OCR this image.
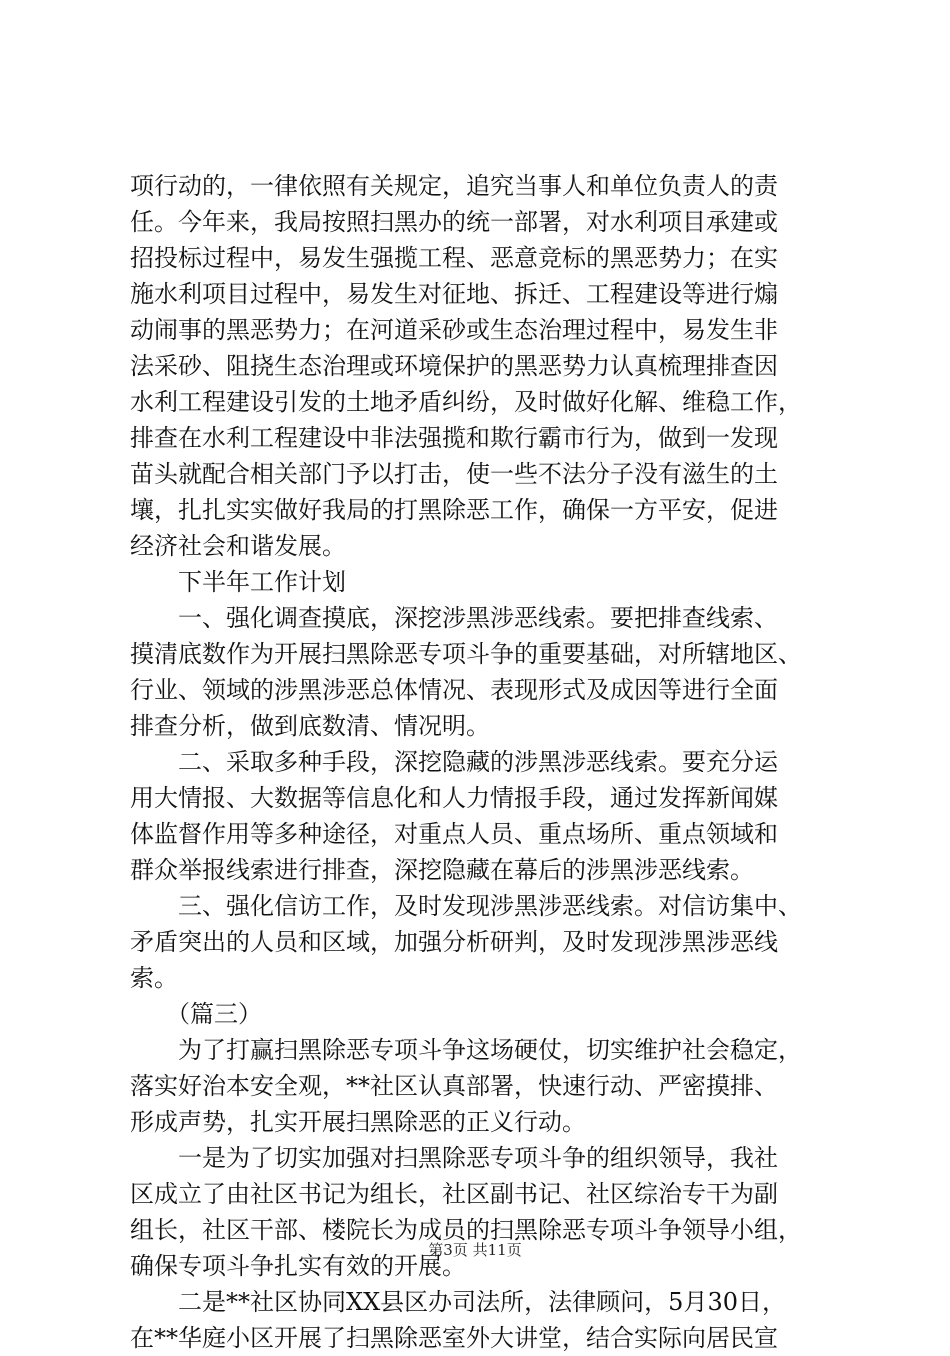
项行动的，一律依照有关规定，追究当事人和单位负责人的责
任。今年来，我局按照扫黑办的统一部署，对水利项目承建或
招投标过程中，易发生强揽工程、恶意竞标的黑恶势力；在实
施水利项目过程中，易发生对征地、拆迁、工程建设等进行煽
动闹事的黑恶势力；在河道采砂或生态治理过程中，易发生非
法采砂、阻挠生态治理或环境保护的黑恶势力认真梳理排查因
水利工程建设引发的土地矛盾纠纷，及时做好化解、维稳工作，
排查在水利工程建设中非法强揽和欺行霸市行为，做到一发现
苗头就配合相关部门予以打击，使一些不法分子没有滋生的土
壤，扎扎实实做好我局的打黑除恶工作，确保一方平安，促进
经济社会和谐发展。
　　下半年工作计划
　　一、强化调查摸底，深挖涉黑涉恶线索。要把排查线索、
摸清底数作为开展扫黑除恶专项斗争的重要基础，对所辖地区、
行业、领域的涉黑涉恶总体情况、表现形式及成因等进行全面
排查分析，做到底数清、情况明。
　　二、采取多种手段，深挖隐藏的涉黑涉恶线索。要充分运
用大情报、大数据等信息化和人力情报手段，通过发挥新闻媒
体监督作用等多种途径，对重点人员、重点场所、重点领域和
群众举报线索进行排查，深挖隐藏在幕后的涉黑涉恶线索。
　　三、强化信访工作，及时发现涉黑涉恶线索。对信访集中、
矛盾突出的人员和区域，加强分析研判，及时发现涉黑涉恶线
索。
　　（篇三）
　　为了打赢扫黑除恶专项斗争这场硬仗，切实维护社会稳定，
落实好治本安全观，**社区认真部署，快速行动、严密摸排、
形成声势，扎实开展扫黑除恶的正义行动。
　　一是为了切实加强对扫黑除恶专项斗争的组织领导，我社
区成立了由社区书记为组长，社区副书记、社区综治专干为副
组长，社区干部、楼院长为成员的扫黑除恶专项斗争领导小组，
确保专项斗争扎实有效的开展。
　　二是**社区协同XX县区办司法所，法律顾问，5月30日，
在**华庭小区开展了扫黑除恶室外大讲堂，结合实际向居民宣
第3页 共11页
